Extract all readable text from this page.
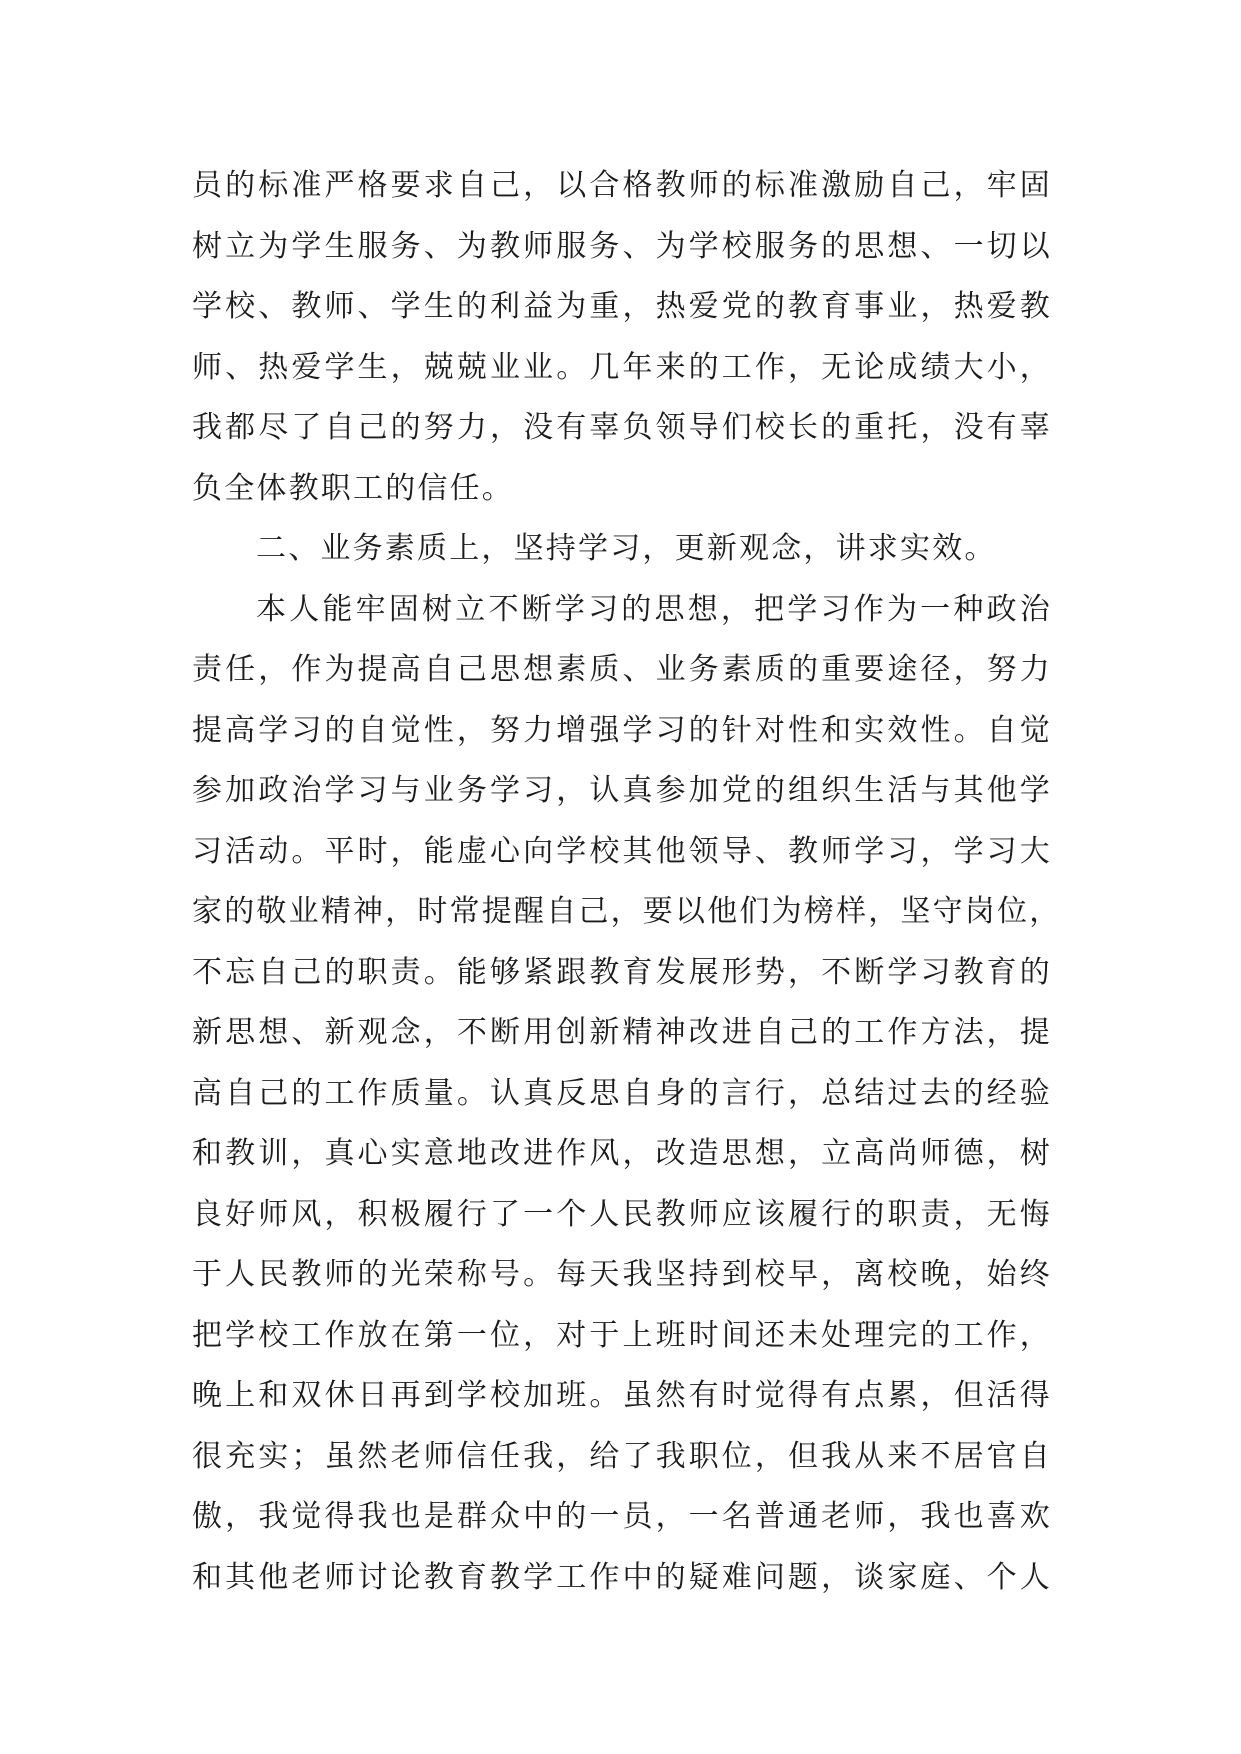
员的标准严格要求自己，以合格教师的标准激励自己，牢固
树立为学生服务、为教师服务、为学校服务的思想、一切以
学校、教师、学生的利益为重，热爱党的教育事业，热爱教
师、热爱学生，兢兢业业。几年来的工作，无论成绩大小，
我都尽了自己的努力，没有辜负领导们校长的重托，没有辜
负全体教职工的信任。
二、业务素质上，坚持学习，更新观念，讲求实效。
本人能牢固树立不断学习的思想，把学习作为一种政治
责任，作为提高自己思想素质、业务素质的重要途径，努力
提高学习的自觉性，努力增强学习的针对性和实效性。自觉
参加政治学习与业务学习，认真参加党的组织生活与其他学
习活动。平时，能虚心向学校其他领导、教师学习，学习大
家的敬业精神，时常提醒自己，要以他们为榜样，坚守岗位，
不忘自己的职责。能够紧跟教育发展形势，不断学习教育的
新思想、新观念，不断用创新精神改进自己的工作方法，提
高自己的工作质量。认真反思自身的言行，总结过去的经验
和教训，真心实意地改进作风，改造思想，立高尚师德，树
良好师风，积极履行了一个人民教师应该履行的职责，无悔
于人民教师的光荣称号。每天我坚持到校早，离校晚，始终
把学校工作放在第一位，对于上班时间还未处理完的工作，
晚上和双休日再到学校加班。虽然有时觉得有点累，但活得
很充实；虽然老师信任我，给了我职位，但我从来不居官自
傲，我觉得我也是群众中的一员，一名普通老师，我也喜欢
和其他老师讨论教育教学工作中的疑难问题，谈家庭、个人
